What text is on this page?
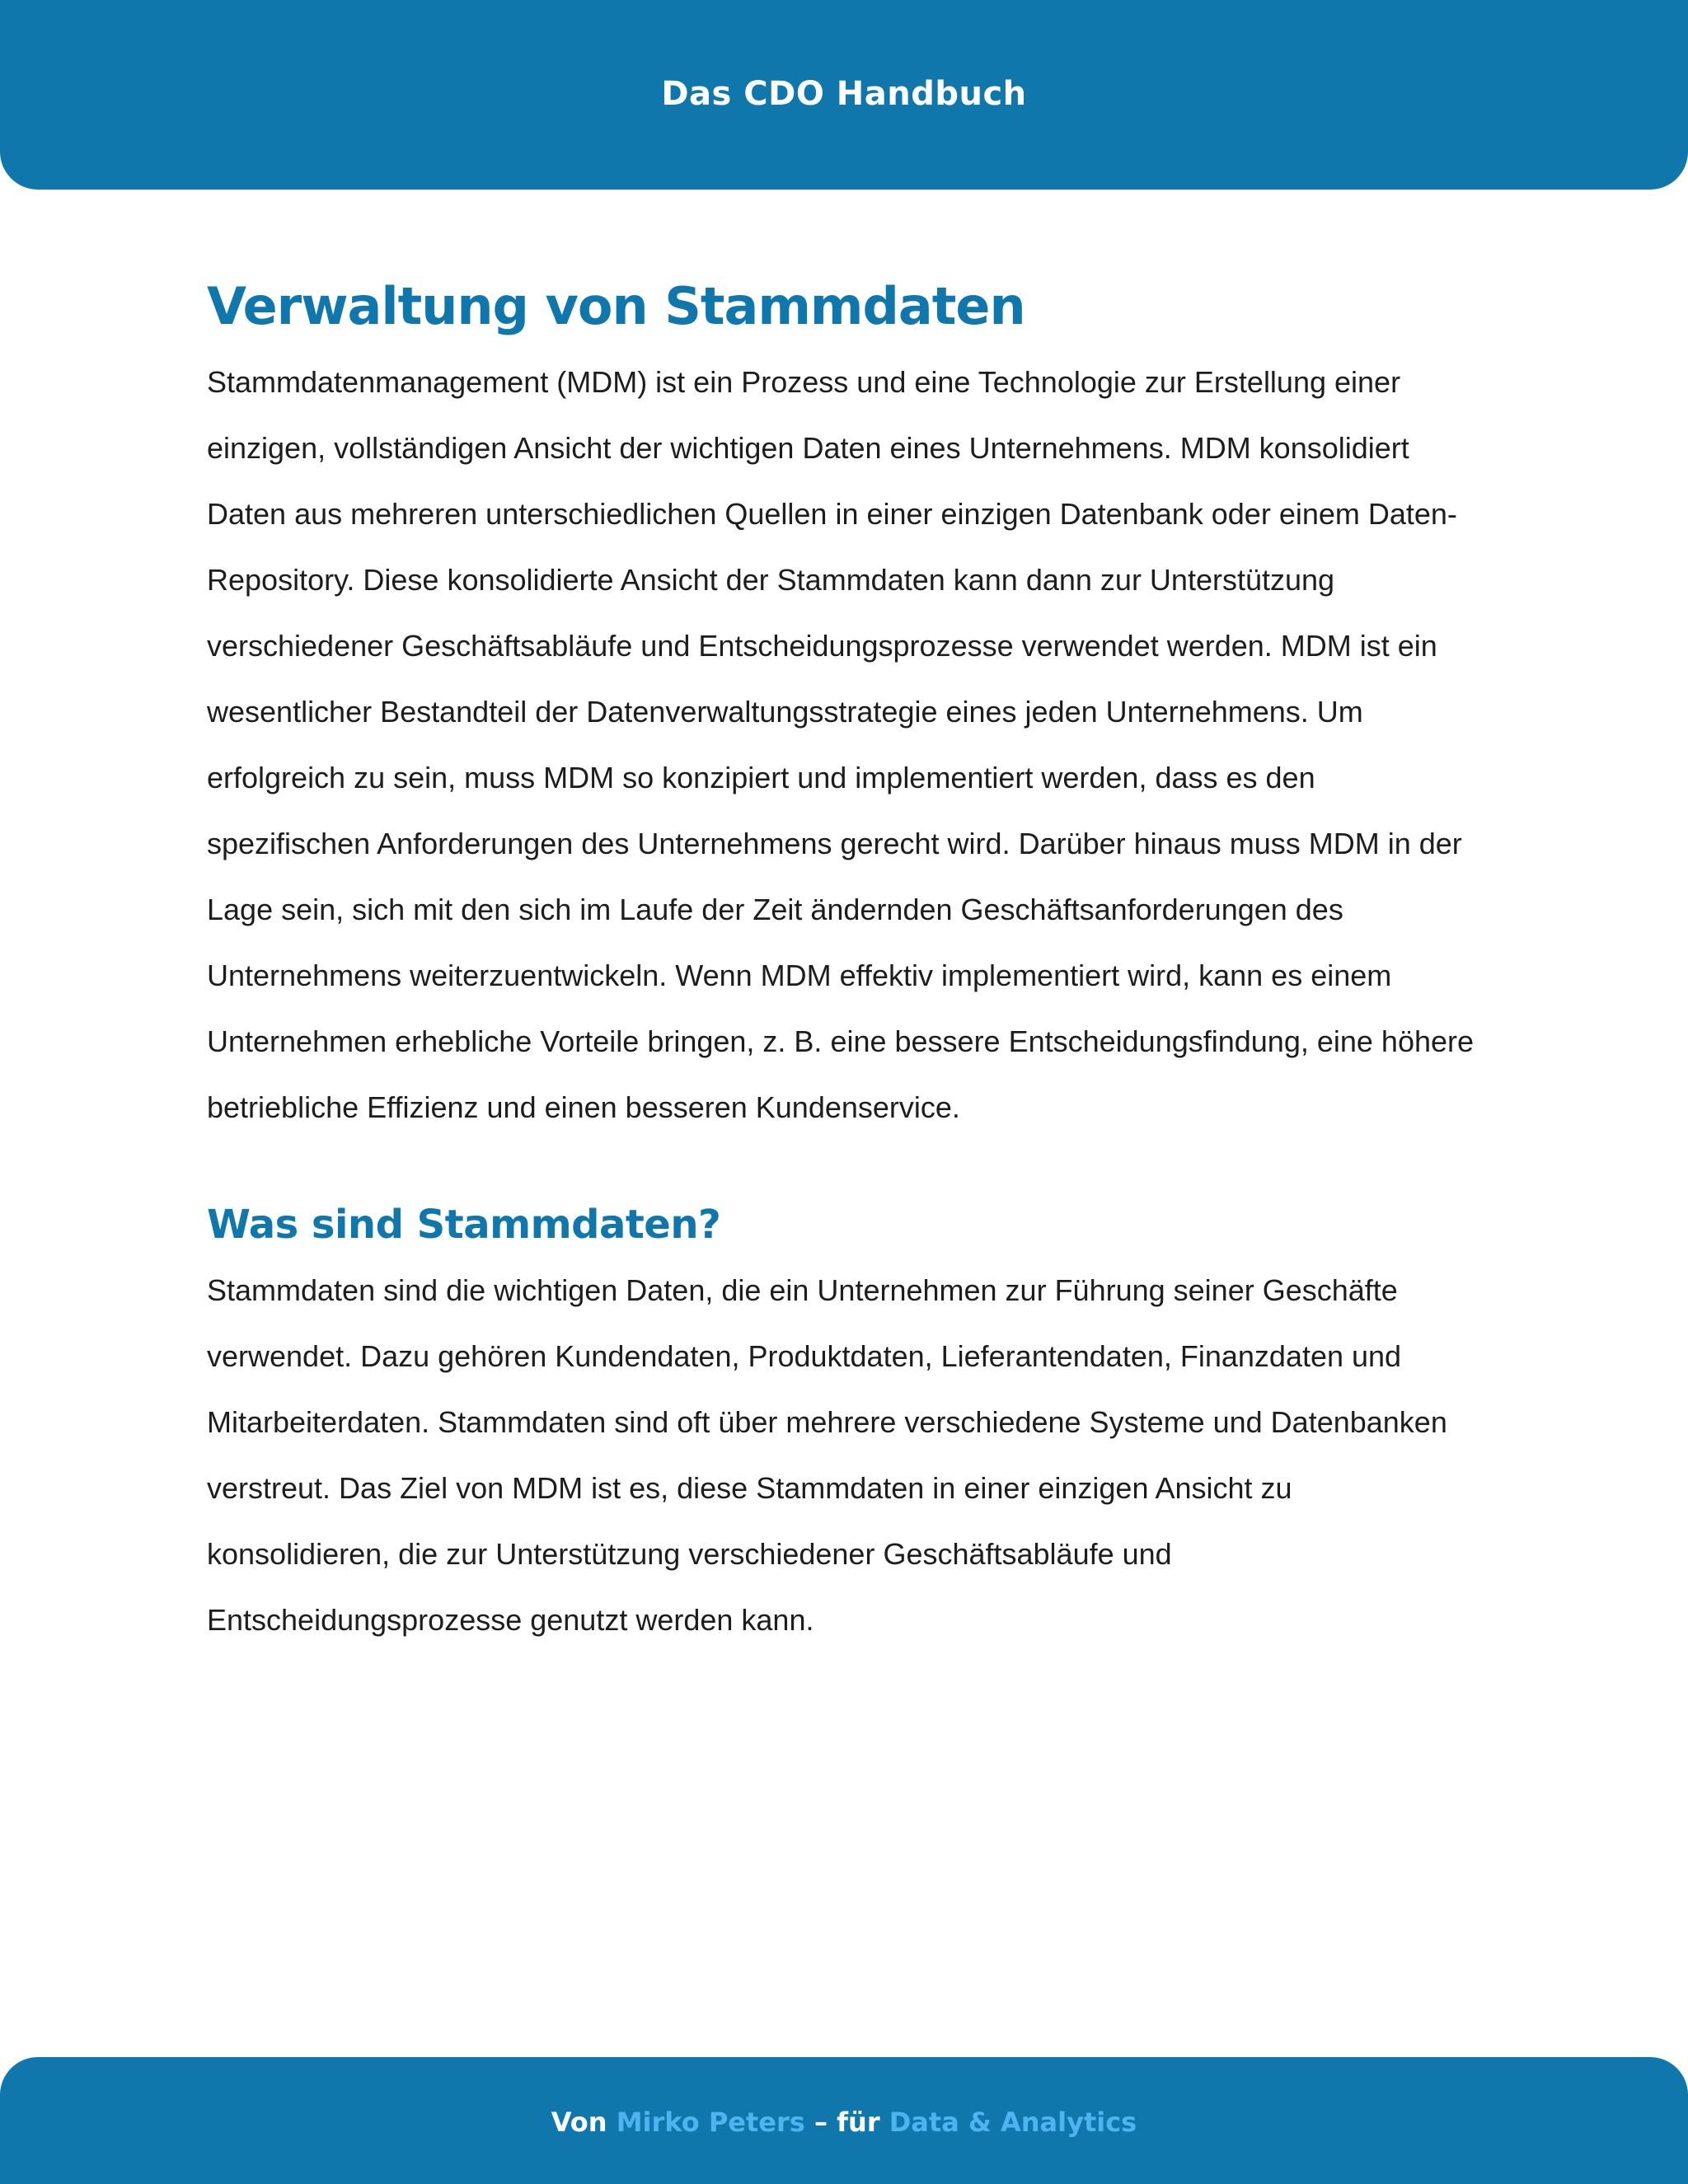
Das CDO Handbuch
Verwaltung von Stammdaten

Stammdatenmanagement (MDM) ist ein Prozess und eine Technologie zur Erstellung einer einzigen, vollständigen Ansicht der wichtigen Daten eines Unternehmens. MDM konsolidiert Daten aus mehreren unterschiedlichen Quellen in einer einzigen Datenbank oder einem Daten-Repository. Diese konsolidierte Ansicht der Stammdaten kann dann zur Unterstützung verschiedener Geschäftsabläufe und Entscheidungsprozesse verwendet werden. MDM ist ein wesentlicher Bestandteil der Datenverwaltungsstrategie eines jeden Unternehmens. Um erfolgreich zu sein, muss MDM so konzipiert und implementiert werden, dass es den spezifischen Anforderungen des Unternehmens gerecht wird. Darüber hinaus muss MDM in der Lage sein, sich mit den sich im Laufe der Zeit ändernden Geschäftsanforderungen des Unternehmens weiterzuentwickeln. Wenn MDM effektiv implementiert wird, kann es einem Unternehmen erhebliche Vorteile bringen, z. B. eine bessere Entscheidungsfindung, eine höhere betriebliche Effizienz und einen besseren Kundenservice.

Was sind Stammdaten?

Stammdaten sind die wichtigen Daten, die ein Unternehmen zur Führung seiner Geschäfte verwendet. Dazu gehören Kundendaten, Produktdaten, Lieferantendaten, Finanzdaten und Mitarbeiterdaten. Stammdaten sind oft über mehrere verschiedene Systeme und Datenbanken verstreut. Das Ziel von MDM ist es, diese Stammdaten in einer einzigen Ansicht zu konsolidieren, die zur Unterstützung verschiedener Geschäftsabläufe und Entscheidungsprozesse genutzt werden kann.

Von Mirko Peters – für Data & Analytics
